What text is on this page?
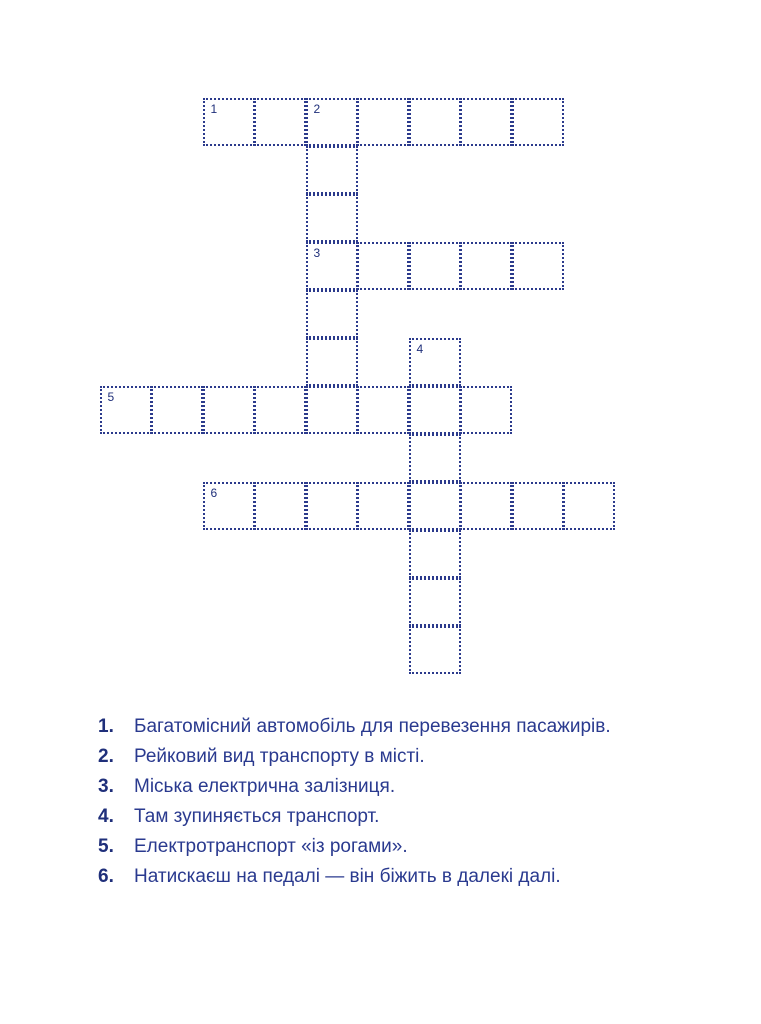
1	2
3
4
5
6
1. Багатомісний автомобіль для перевезення пасажирів.
2. Рейковий вид транспорту в місті.
3. Міська електрична залізниця.
4. Там зупиняється транспорт.
5. Електротранспорт «із рогами».
6. Натискаєш на педалі — він біжить в далекі далі.
